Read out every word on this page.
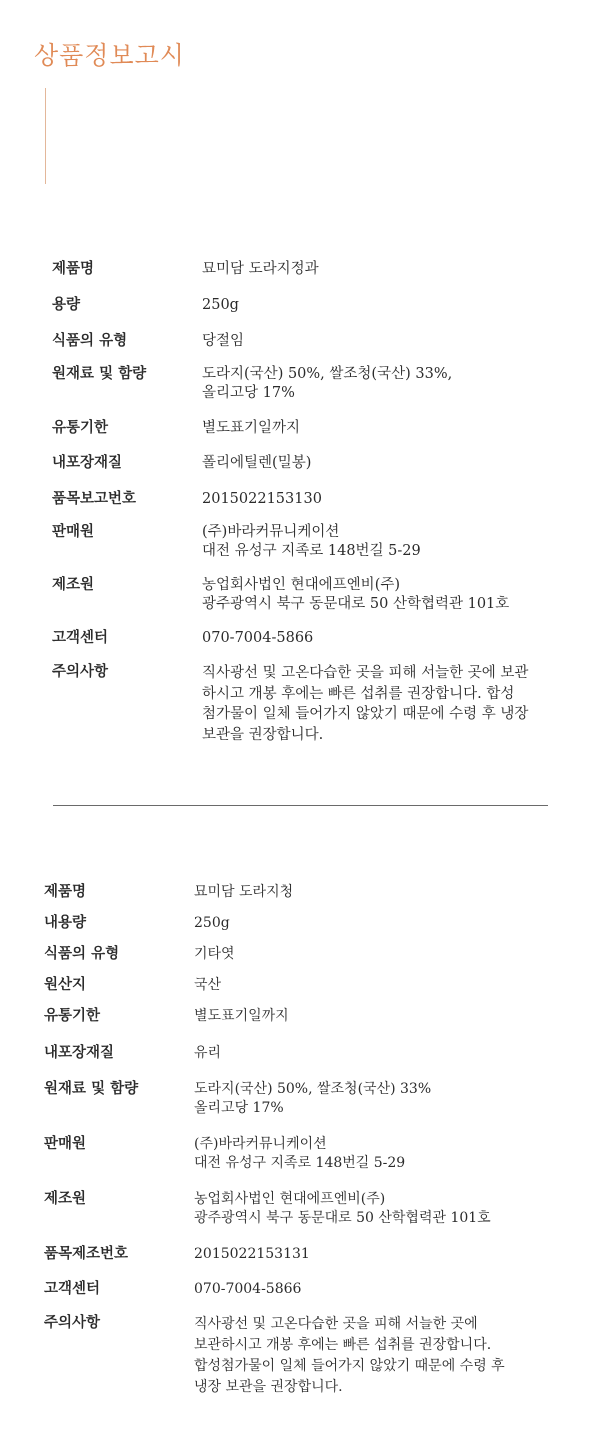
상품정보고시
제품명	묘미담 도라지정과
용량	250g
식품의 유형	당절임
원재료 및 함량	도라지(국산) 50%, 쌀조청(국산) 33%,
올리고당 17%
유통기한	별도표기일까지
내포장재질	폴리에틸렌(밀봉)
품목보고번호	2015022153130
판매원	(주)바라커뮤니케이션
대전 유성구 지족로 148번길 5-29
제조원	농업회사법인 현대에프엔비(주)
광주광역시 북구 동문대로 50 산학협력관 101호
고객센터	070-7004-5866
주의사항	직사광선 및 고온다습한 곳을 피해 서늘한 곳에 보관
하시고 개봉 후에는 빠른 섭취를 권장합니다. 합성
첨가물이 일체 들어가지 않았기 때문에 수령 후 냉장
보관을 권장합니다.
제품명	묘미담 도라지청
내용량	250g
식품의 유형	기타엿
원산지	국산
유통기한	별도표기일까지
내포장재질	유리
원재료 및 함량	도라지(국산) 50%, 쌀조청(국산) 33%
올리고당 17%
판매원	(주)바라커뮤니케이션
대전 유성구 지족로 148번길 5-29
제조원	농업회사법인 현대에프엔비(주)
광주광역시 북구 동문대로 50 산학협력관 101호
품목제조번호	2015022153131
고객센터	070-7004-5866
주의사항	직사광선 및 고온다습한 곳을 피해 서늘한 곳에
보관하시고 개봉 후에는 빠른 섭취를 권장합니다.
합성첨가물이 일체 들어가지 않았기 때문에 수령 후
냉장 보관을 권장합니다.
